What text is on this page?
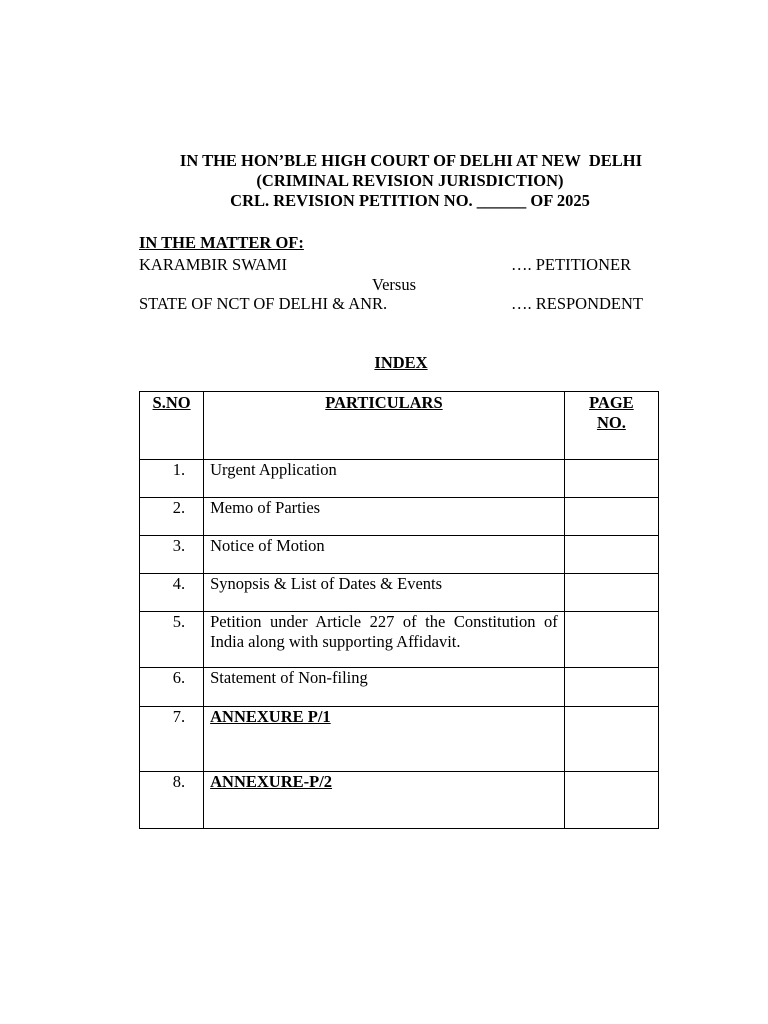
IN THE HON’BLE HIGH COURT OF DELHI AT NEW  DELHI
(CRIMINAL REVISION JURISDICTION)
CRL. REVISION PETITION NO. ______ OF 2025
IN THE MATTER OF:
KARAMBIR SWAMI	…. PETITIONER
Versus
STATE OF NCT OF DELHI & ANR.	…. RESPONDENT
INDEX
S.NO	PARTICULARS	PAGE
NO.

1.	Urgent Application	
2.	Memo of Parties	
3.	Notice of Motion	
4.	Synopsis & List of Dates & Events	
5.	Petition under Article 227 of the Constitution of India along with supporting Affidavit.	
6.	Statement of Non-filing	
7.	ANNEXURE P/1	
8.	ANNEXURE-P/2	
